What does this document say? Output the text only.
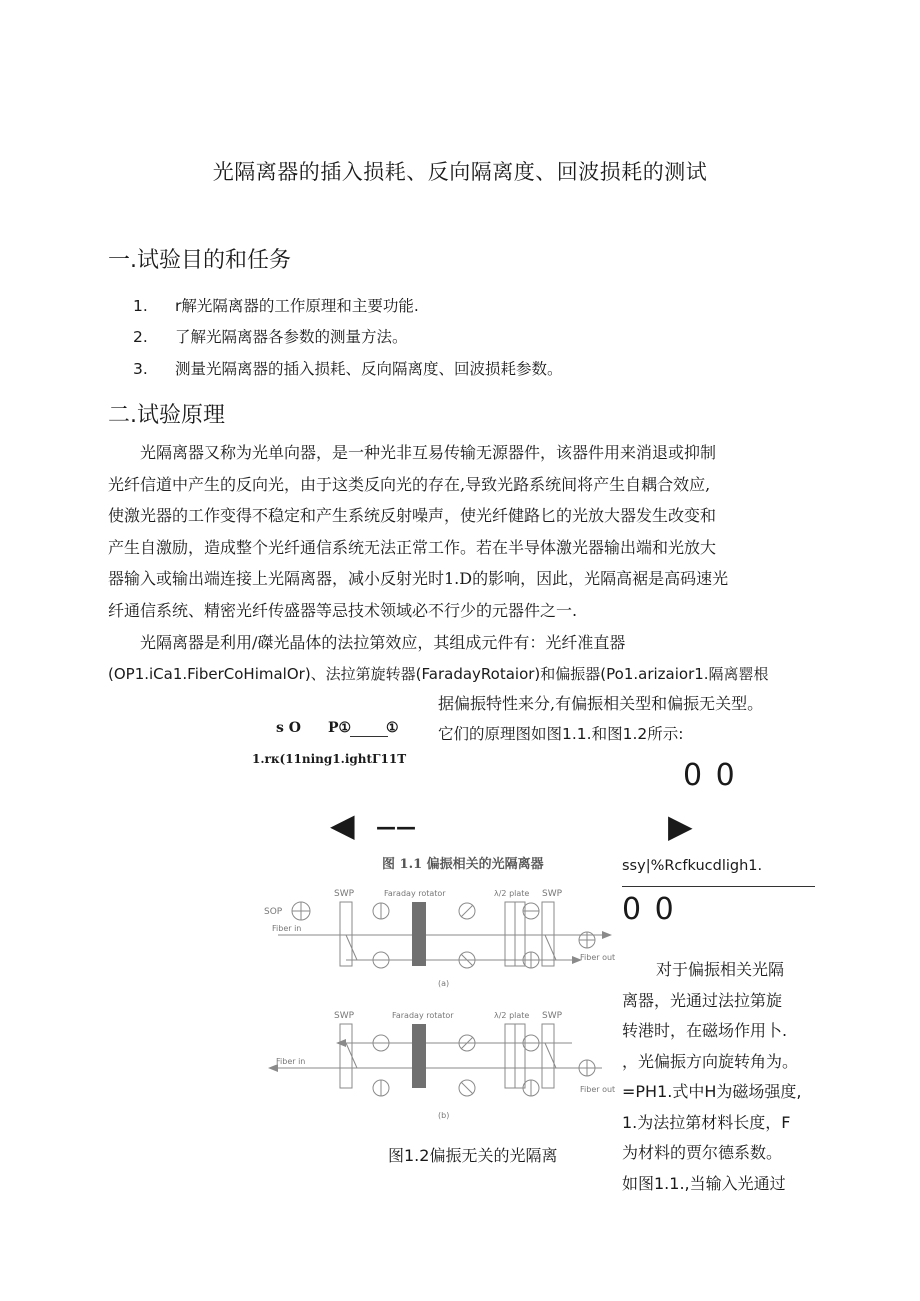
光隔离器的插入损耗、反向隔离度、回波损耗的测试
一.试验目的和任务
1. r解光隔离器的工作原理和主要功能.
2. 了解光隔离器各参数的测量方法。
3. 测量光隔离器的插入损耗、反向隔离度、回波损耗参数。
二.试验原理
光隔离器又称为光单向器，是一种光非互易传输无源器件，该器件用来消退或抑制
光纤信道中产生的反向光，由于这类反向光的存在,导致光路系统间将产生自耦合效应,
使激光器的工作变得不稳定和产生系统反射噪声，使光纤健路匕的光放大器发生改变和
产生自激励，造成整个光纤通信系统无法正常工作。若在半导体激光器输出端和光放大
器输入或输出端连接上光隔离器，减小反射光时1.D的影响，因此，光隔高裾是高码速光
纤通信系统、精密光纤传盛器等忌技术领域必不行少的元器件之一.
光隔离器是利用/磔光晶体的法拉第效应，其组成元件有：光纤准直器
(OP1.iCa1.FiberCoHimalOr)、法拉第旋转器(FaradayRotaior)和偏振器(Po1.arizaior1.隔离罂根
据偏振特性来分,有偏振相关型和偏振无关型。
它们的原理图如图1.1.和图1.2所示:
s O P① ①
1.rк(11ning1.ightΓ11T	0 0
◀ ——	▶
图 1.1 偏振相关的光隔离器	ssy|%Rcfkucdligh1.
0 0
SOP
Fiber in
SWP	Faraday rotator	λ/2 plate SWP
Fiber out
(a)
SWP	Faraday rotator	λ/2 plate SWP
Fiber in
Fiber out
(b)
图1.2偏振无关的光隔离
对于偏振相关光隔
离器，光通过法拉第旋
转港时，在磁场作用卜.
，光偏振方向旋转角为。
=PH1.式中H为磁场强度,
1.为法拉第材料长度，F
为材料的贾尔德系数。
如图1.1.,当输入光通过
